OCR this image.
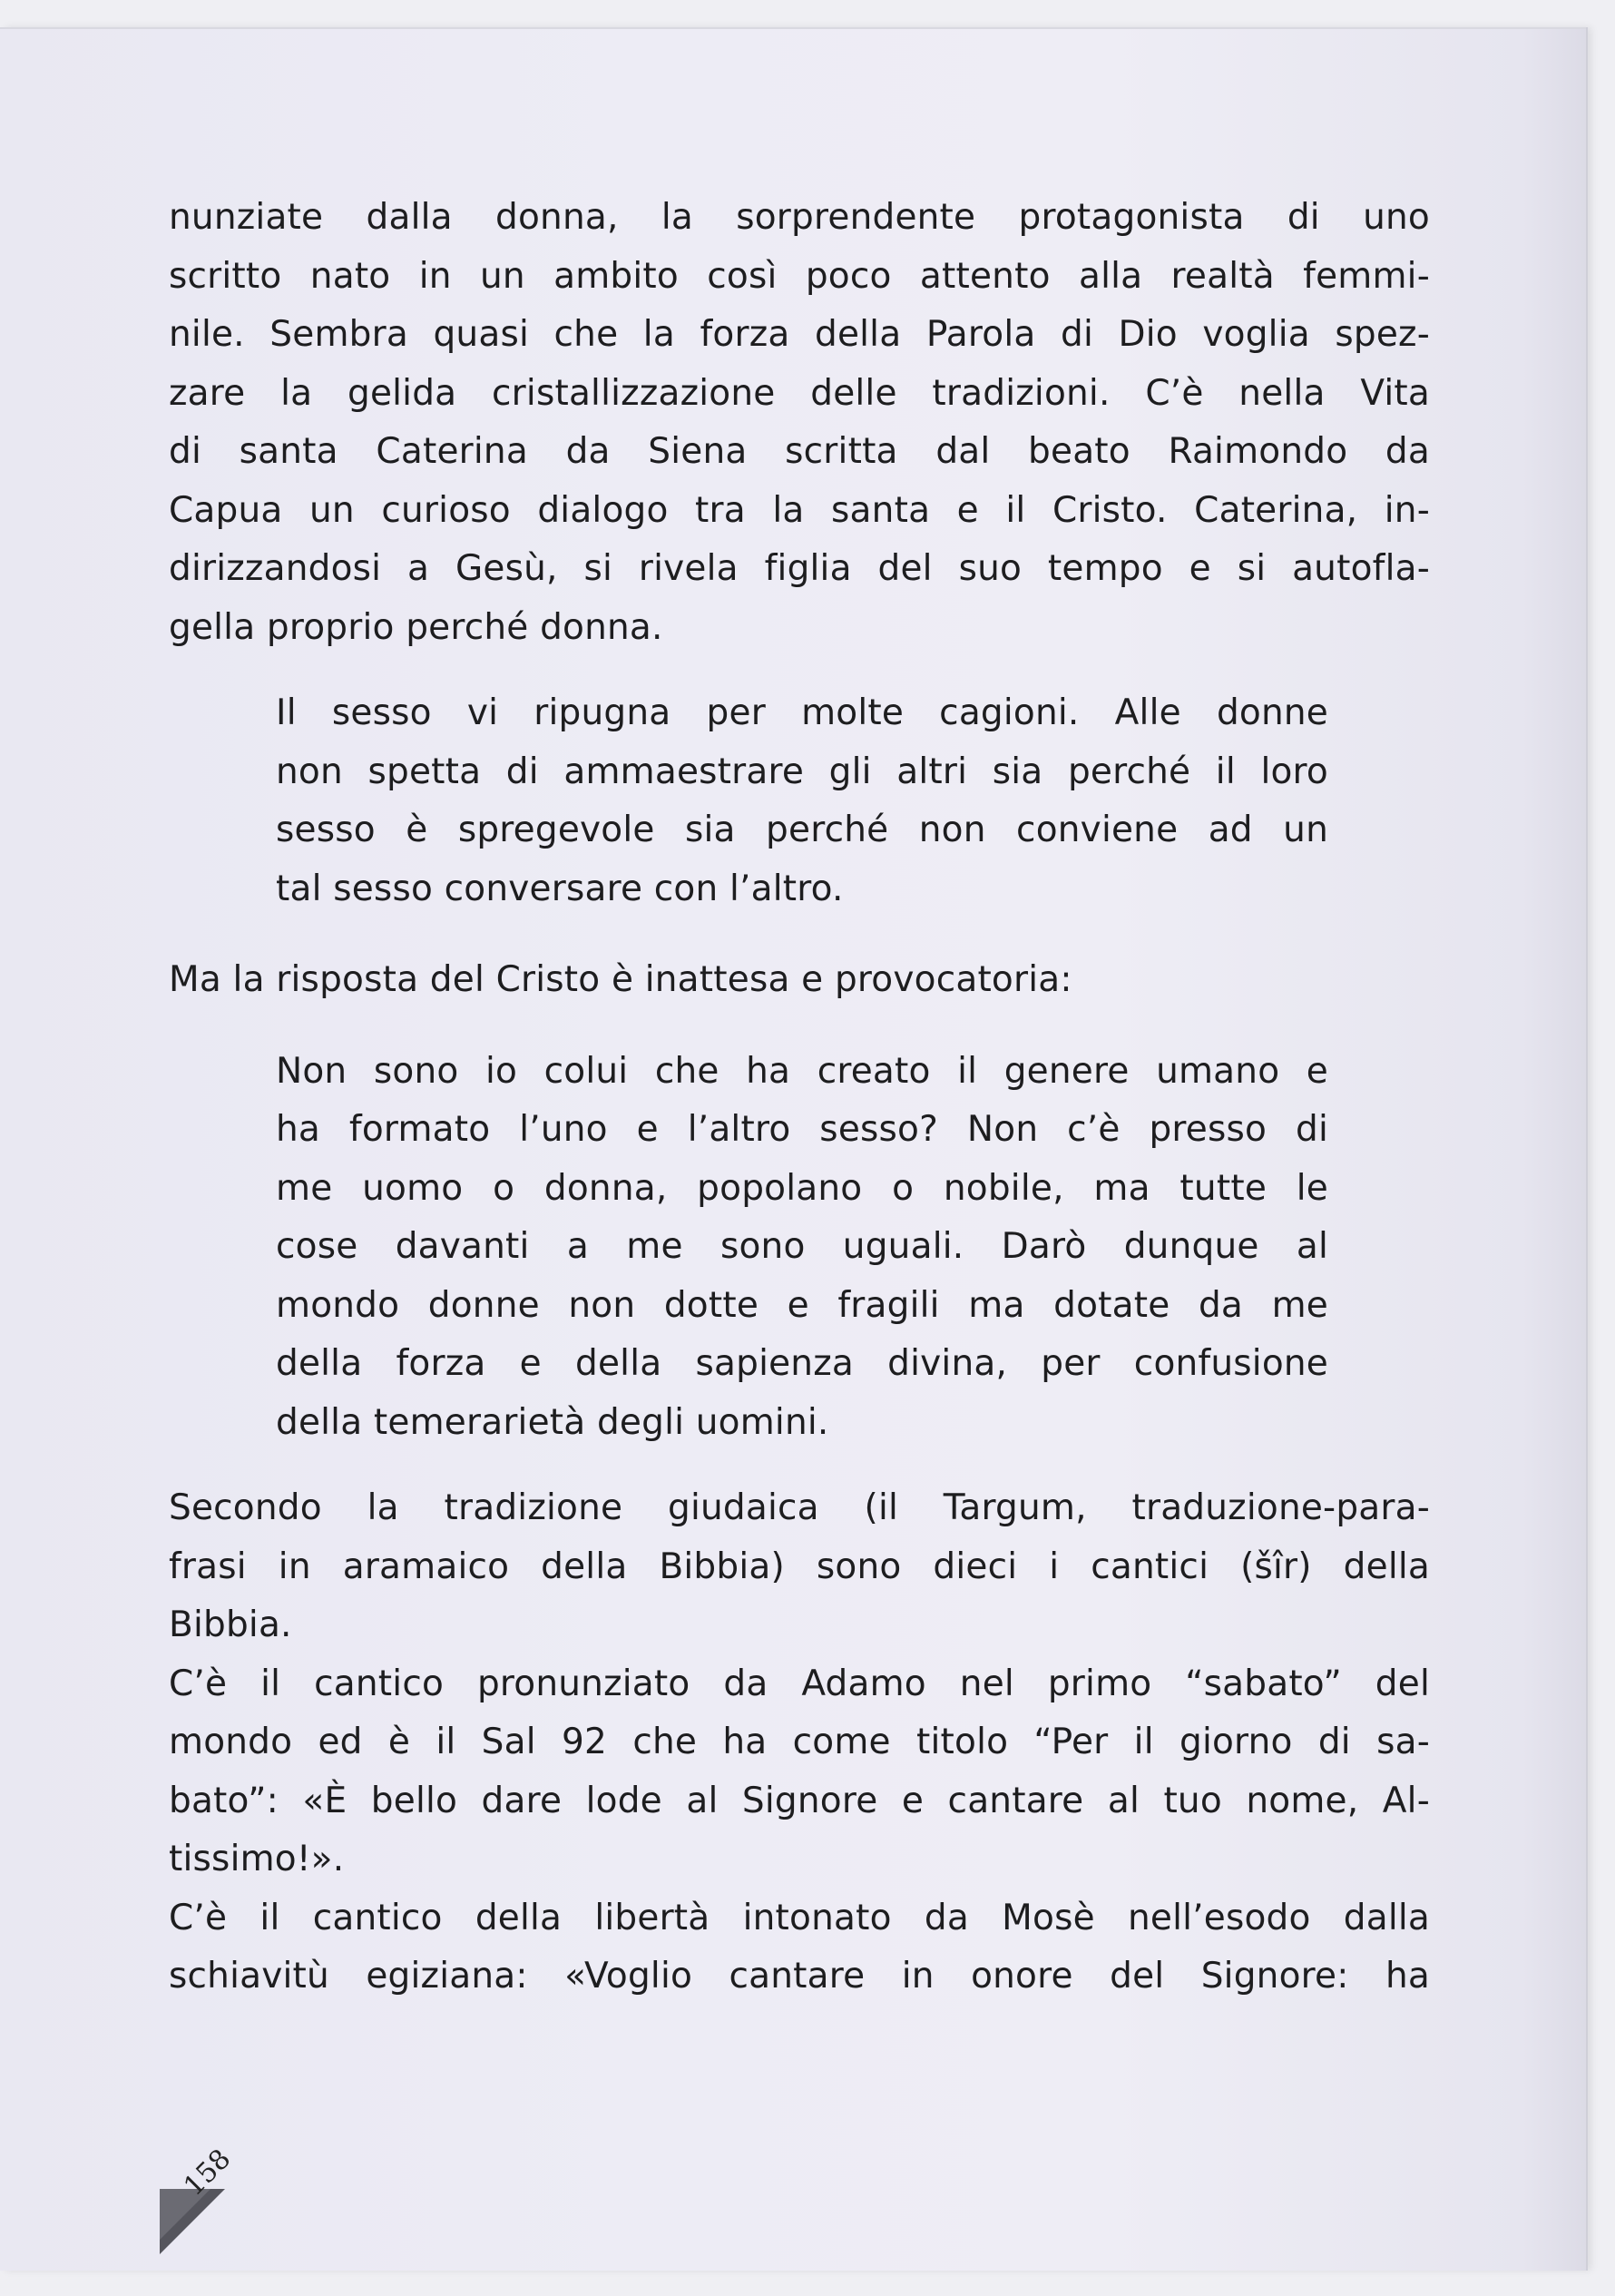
nunziate dalla donna, la sorprendente protagonista di uno
scritto nato in un ambito così poco attento alla realtà femmi-
nile. Sembra quasi che la forza della Parola di Dio voglia spez-
zare la gelida cristallizzazione delle tradizioni. C’è nella Vita
di santa Caterina da Siena scritta dal beato Raimondo da
Capua un curioso dialogo tra la santa e il Cristo. Caterina, in-
dirizzandosi a Gesù, si rivela figlia del suo tempo e si autofla-
gella proprio perché donna.

Il sesso vi ripugna per molte cagioni. Alle donne
non spetta di ammaestrare gli altri sia perché il loro
sesso è spregevole sia perché non conviene ad un
tal sesso conversare con l’altro.

Ma la risposta del Cristo è inattesa e provocatoria:

Non sono io colui che ha creato il genere umano e
ha formato l’uno e l’altro sesso? Non c’è presso di
me uomo o donna, popolano o nobile, ma tutte le
cose davanti a me sono uguali. Darò dunque al
mondo donne non dotte e fragili ma dotate da me
della forza e della sapienza divina, per confusione
della temerarietà degli uomini.

Secondo la tradizione giudaica (il Targum, traduzione-para-
frasi in aramaico della Bibbia) sono dieci i cantici (šîr) della
Bibbia.

C’è il cantico pronunziato da Adamo nel primo “sabato” del
mondo ed è il Sal 92 che ha come titolo “Per il giorno di sa-
bato”: «È bello dare lode al Signore e cantare al tuo nome, Al-
tissimo!».

C’è il cantico della libertà intonato da Mosè nell’esodo dalla
schiavitù egiziana: «Voglio cantare in onore del Signore: ha

158
